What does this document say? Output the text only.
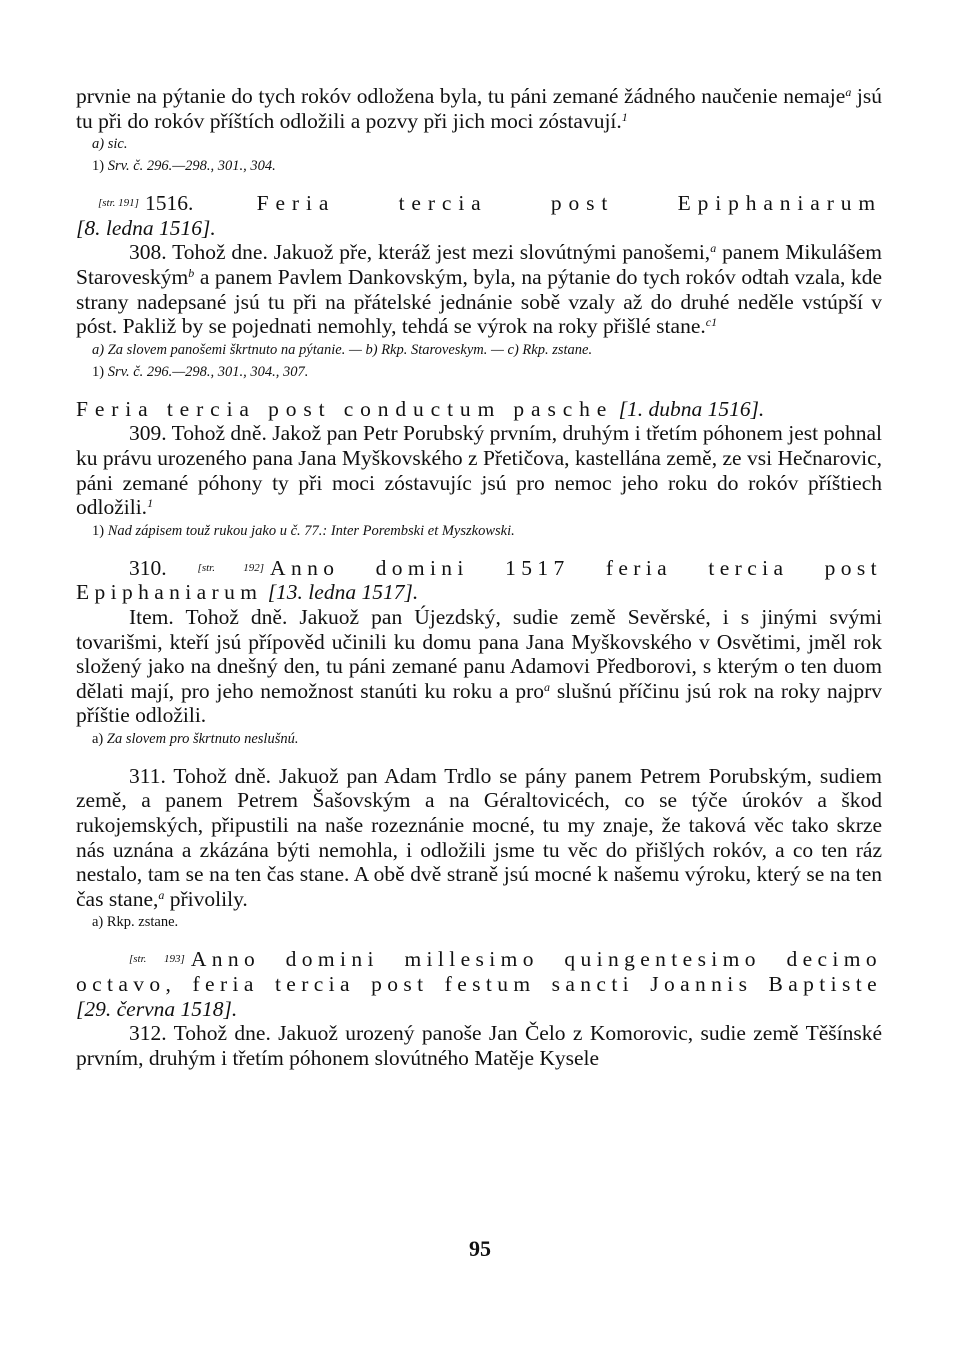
prvnie na pýtanie do tych rokóv odložena byla, tu páni zemané žádného naučenie nemaje$^a$ jsú tu při do rokóv příštích odložili a pozvy při jich moci zóstavují.$^1$

a) sic.

1) Srv. č. 296.—298., 301., 304.

[str. 191] 1516.	Feria	tercia	post	Epiphaniarum

[8. ledna 1516].

308. Tohož dne. Jakuož pře, kteráž jest mezi slovútnými panošemi,$^a$ panem Mikulášem Staroveským$^b$ a panem Pavlem Dankovským, byla, na pýtanie do tych rokóv odtah vzala, kde strany nadepsané jsú tu při na přátelské jednánie sobě vzaly až do druhé neděle vstúpší v póst. Pakliž by se pojednati nemohly, tehdá se výrok na roky přišlé stane.$^{c1}$

a) Za slovem panošemi škrtnuto na pýtanie. — b) Rkp. Staroveskym. — c) Rkp. zstane.

1) Srv. č. 296.—298., 301., 304., 307.

Feria tercia post conductum pasche [1. dubna 1516].

309. Tohož dně. Jakož pan Petr Porubský prvním, druhým i třetím póhonem jest pohnal ku právu urozeného pana Jana Myškovského z Přetičova, kastellána země, ze vsi Hečnarovic, páni zemané póhony ty při moci zóstavujíc jsú pro nemoc jeho roku do rokóv příštiech odložili.$^1$

1) Nad zápisem touž rukou jako u č. 77.: Inter Porembski et Myszkowski.

310.	[str. 192] Anno domini 1517 feria tercia post Epiphaniarum [13. ledna 1517].

Item. Tohož dně. Jakuož pan Újezdský, sudie země Sevěrské, i s jinými svými tovarišmi, kteří jsú přípověd učinili ku domu pana Jana Myškovského v Osvětimi, jměl rok složený jako na dnešný den, tu páni zemané panu Adamovi Předborovi, s kterým o ten duom dělati mají, pro jeho nemožnost stanúti ku roku a pro$^a$ slušnú příčinu jsú rok na roky najprv příštie odložili.

a) Za slovem pro škrtnuto neslušnú.

311. Tohož dně. Jakuož pan Adam Trdlo se pány panem Petrem Porubským, sudiem země, a panem Petrem Šašovským a na Géraltovicéch, co se týče úrokóv a škod rukojemských, připustili na naše rozeznánie mocné, tu my znaje, že taková věc tako skrze nás uznána a zkázána býti nemohla, i odložili jsme tu věc do přišlých rokóv, a co ten ráz nestalo, tam se na ten čas stane. A obě dvě straně jsú mocné k našemu výroku, který se na ten čas stane,$^a$ přivolily.

a) Rkp. zstane.

[str. 193] Anno domini millesimo quingentesimo decimo octavo, feria tercia post festum sancti Joannis Baptiste [29. června 1518].

312. Tohož dne. Jakuož urozený panoše Jan Čelo z Komorovic, sudie země Těšínské prvním, druhým i třetím póhonem slovútného Matěje Kysele

95
